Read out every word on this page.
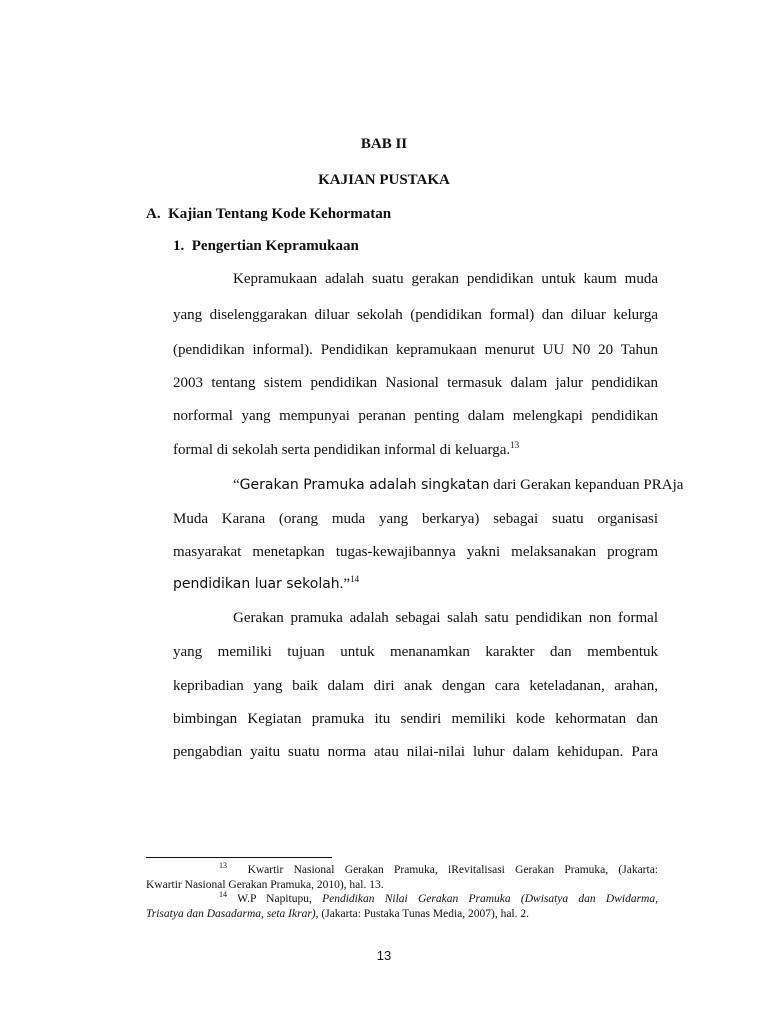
BAB II
KAJIAN PUSTAKA
A. Kajian Tentang Kode Kehormatan
1. Pengertian Kepramukaan
Kepramukaan adalah suatu gerakan pendidikan untuk kaum muda
yang diselenggarakan diluar sekolah (pendidikan formal) dan diluar kelurga
(pendidikan informal). Pendidikan kepramukaan menurut UU N0 20 Tahun
2003 tentang sistem pendidikan Nasional termasuk dalam jalur pendidikan
norformal yang mempunyai peranan penting dalam melengkapi pendidikan
formal di sekolah serta pendidikan informal di keluarga.$^{13}$
“Gerakan Pramuka adalah singkatan dari Gerakan kepanduan PRAja
Muda Karana (orang muda yang berkarya) sebagai suatu organisasi
masyarakat menetapkan tugas-kewajibannya yakni melaksanakan program
pendidikan luar sekolah.”$^{14}$
Gerakan pramuka adalah sebagai salah satu pendidikan non formal
yang memiliki tujuan untuk menanamkan karakter dan membentuk
kepribadian yang baik dalam diri anak dengan cara keteladanan, arahan,
bimbingan Kegiatan pramuka itu sendiri memiliki kode kehormatan dan
pengabdian yaitu suatu norma atau nilai-nilai luhur dalam kehidupan. Para
$^{13}$ Kwartir Nasional Gerakan Pramuka, iRevitalisasi Gerakan Pramuka, (Jakarta:
Kwartir Nasional Gerakan Pramuka, 2010), hal. 13.
$^{14}$ W.P Napitupu, Pendidikan Nilai Gerakan Pramuka (Dwisatya dan Dwidarma,
Trisatya dan Dasadarma, seta Ikrar), (Jakarta: Pustaka Tunas Media, 2007), hal. 2.
13
